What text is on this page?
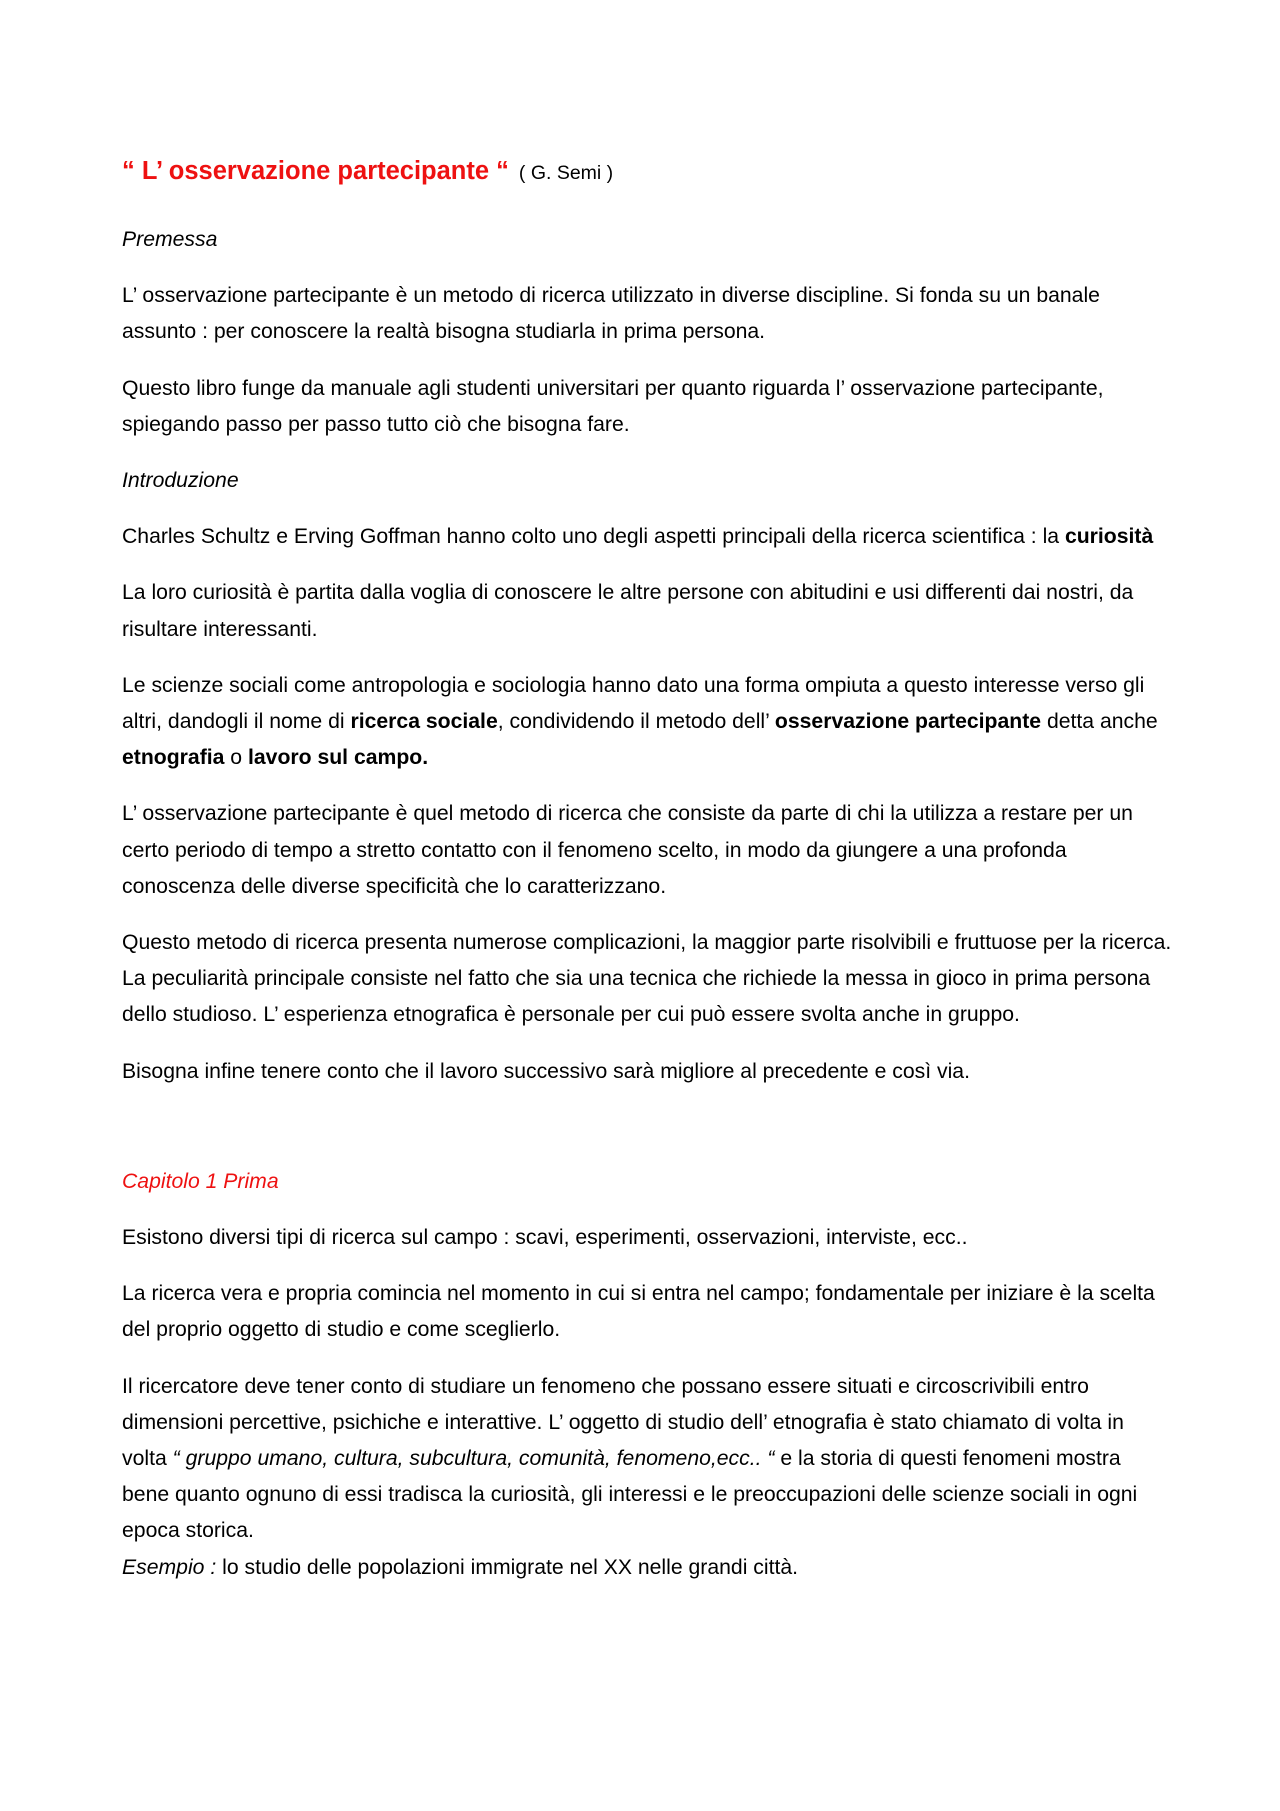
“ L’ osservazione partecipante “ ( G. Semi )

Premessa

L’ osservazione partecipante è un metodo di ricerca utilizzato in diverse discipline. Si fonda su un banale assunto : per conoscere la realtà bisogna studiarla in prima persona.

Questo libro funge da manuale agli studenti universitari per quanto riguarda l’ osservazione partecipante, spiegando passo per passo tutto ciò che bisogna fare.

Introduzione

Charles Schultz e Erving Goffman hanno colto uno degli aspetti principali della ricerca scientifica : la curiosità

La loro curiosità è partita dalla voglia di conoscere le altre persone con abitudini e usi differenti dai nostri, da risultare interessanti.

Le scienze sociali come antropologia e sociologia hanno dato una forma ompiuta a questo interesse verso gli altri, dandogli il nome di ricerca sociale, condividendo il metodo dell’ osservazione partecipante detta anche etnografia o lavoro sul campo.

L’ osservazione partecipante è quel metodo di ricerca che consiste da parte di chi la utilizza a restare per un certo periodo di tempo a stretto contatto con il fenomeno scelto, in modo da giungere a una profonda conoscenza delle diverse specificità che lo caratterizzano.

Questo metodo di ricerca presenta numerose complicazioni, la maggior parte risolvibili e fruttuose per la ricerca. La peculiarità principale consiste nel fatto che sia una tecnica che richiede la messa in gioco in prima persona dello studioso. L’ esperienza etnografica è personale per cui può essere svolta anche in gruppo.

Bisogna infine tenere conto che il lavoro successivo sarà migliore al precedente e così via.

Capitolo 1 Prima

Esistono diversi tipi di ricerca sul campo : scavi, esperimenti, osservazioni, interviste, ecc..

La ricerca vera e propria comincia nel momento in cui si entra nel campo; fondamentale per iniziare è la scelta del proprio oggetto di studio e come sceglierlo.

Il ricercatore deve tener conto di studiare un fenomeno che possano essere situati e circoscrivibili entro dimensioni percettive, psichiche e interattive. L’ oggetto di studio dell’ etnografia è stato chiamato di volta in volta “ gruppo umano, cultura, subcultura, comunità, fenomeno,ecc.. “ e la storia di questi fenomeni mostra bene quanto ognuno di essi tradisca la curiosità, gli interessi e le preoccupazioni delle scienze sociali in ogni epoca storica.
Esempio : lo studio delle popolazioni immigrate nel XX nelle grandi città.
